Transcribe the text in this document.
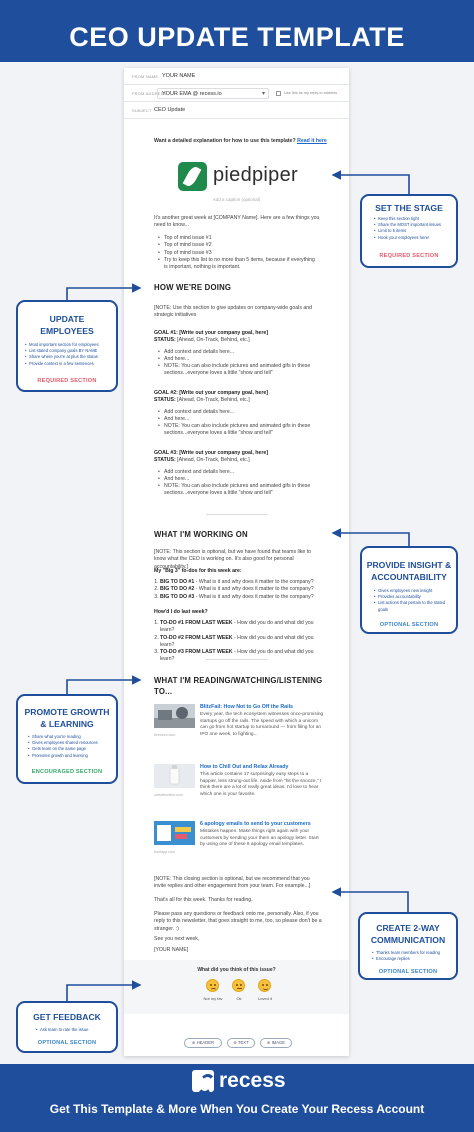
CEO UPDATE TEMPLATE
FROM NAME YOUR NAME
FROM ADDRESS
YOUR EMA @ recess.io	▾	Use this as my reply-to address
SUBJECT CEO Update
Want a detailed explanation for how to use this template? Read it here
piedpiper
Add a caption (optional)
It's another great week at [COMPANY Name]. Here are a few things you need to know...
• Top of mind issue #1
• Top of mind issue #2
• Top of mind issue #3
• Try to keep this list to no more than 5 items, because if everything is important, nothing is important.
HOW WE'RE DOING
[NOTE: Use this section to give updates on company-wide goals and strategic initiatives
GOAL #1: [Write out your company goal, here]
STATUS: [Ahead, On-Track, Behind, etc.]
• Add context and details here...
• And here...
• NOTE: You can also include pictures and animated gifs in these sections...everyone loves a little "show and tell"
GOAL #2: [Write out your company goal, here]
STATUS: [Ahead, On-Track, Behind, etc.]
• Add context and details here...
• And here...
• NOTE: You can also include pictures and animated gifs in these sections...everyone loves a little "show and tell"
GOAL #3: [Write out your company goal, here]
STATUS: [Ahead, On-Track, Behind, etc.]
• Add context and details here...
• And here...
• NOTE: You can also include pictures and animated gifs in these sections...everyone loves a little "show and tell"
WHAT I'M WORKING ON
[NOTE: This section is optional, but we have found that teams like to know what the CEO is working on. It's also good for personal accountability.]
My "Big 3" to-dos for this week are:
1. BIG TO DO #1 - What is it and why does it matter to the company?
2. BIG TO DO #2 - What is it and why does it matter to the company?
3. BIG TO DO #3 - What is it and why does it matter to the company?
How'd I do last week?
1. TO-DO #1 FROM LAST WEEK - How did you do and what did you learn?
2. TO-DO #2 FROM LAST WEEK - How did you do and what did you learn?
3. TO-DO #3 FROM LAST WEEK - How did you do and what did you learn?
WHAT I'M READING/WATCHING/LISTENING
TO...
BlitzFail: How Not to Go Off the Rails
Every year, the tech ecosystem witnesses once-promising startups go off the rails. The speed with which a unicorn can go from hot startup to turnaround — from filing for an IPO one week, to fighting...
fivetuum.com
How to Chill Out and Relax Already
This article contains 17 surprisingly easy steps to a happier, less strung-out life. Aside from "hit the snooze," I think there are a lot of really great ideas. I'd love to hear which one is your favorite.
outsideonline.com
6 apology emails to send to your customers
Mistakes happen. Make things right again with your customers by sending your them an apology letter. Start by using one of these 6 apology email templates.
frontapp.com
[NOTE: This closing section is optional, but we recommend that you invite replies and other engagement from your team. For example...]
That's all for this week. Thanks for reading.
Please pass any questions or feedback onto me, personally. Also, if you reply to this newsletter, that goes straight to me, too, so please don't be a stranger. :)
See you next week,
[YOUR NAME]
What did you think of this issue?
Not my fav	Ok	Loved it
⊕ HEADER	⊕ TEXT	⊕ IMAGE
SET THE STAGE
• Keep this section tight
• Share the MOST important issues
• Limit to 5 items
• Hook your employees here!
REQUIRED SECTION
UPDATE
EMPLOYEES
• Most important section for employees
• List stated company goals BY NAME
• Share where you're at plus the status
• Provide context in a few sentences
REQUIRED SECTION
PROVIDE INSIGHT &
ACCOUNTABILITY
• Gives employees new insight
• Provides accountability
• List actions that pertain to the stated goals
OPTIONAL SECTION
PROMOTE GROWTH
& LEARNING
• Share what you're reading
• Gives employees shared resources
• Gets team on the same page
• Promotes growth and learning
ENCOURAGED SECTION
CREATE 2-WAY
COMMUNICATION
• Thanks team members for reading
• Encourage replies
OPTIONAL SECTION
GET FEEDBACK
• Ask team to rate the issue
OPTIONAL SECTION
recess
Get This Template & More When You Create Your Recess Account
